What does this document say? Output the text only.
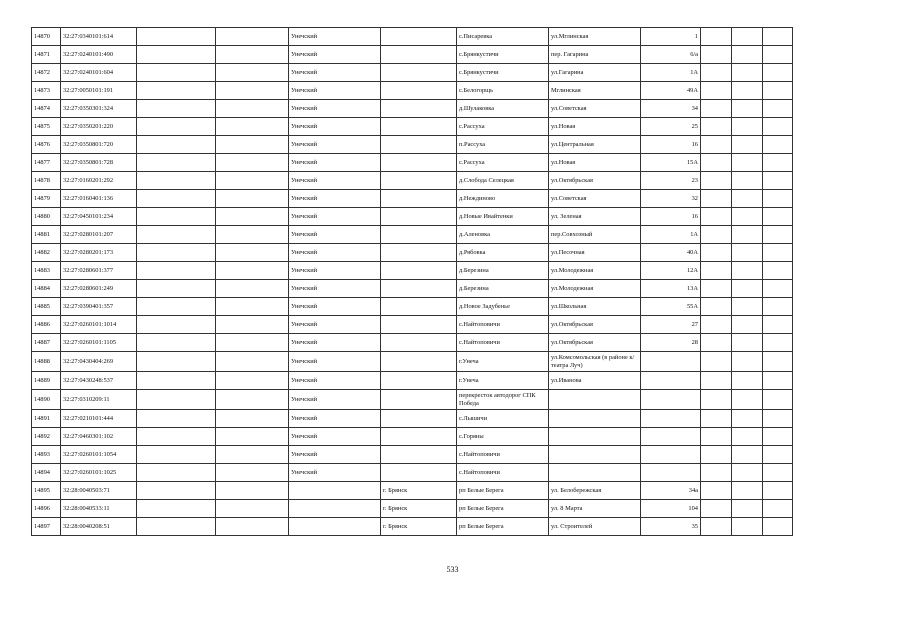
14870	32:27:0340101:614			Унечский		с.Писаревка	ул.Мглинская	1			
14871	32:27:0240101:490			Унечский		с.Брянкустичи	пер. Гагарина	6/а			
14872	32:27:0240101:604			Унечский		с.Брянкустичи	ул.Гагарина	1А			
14873	32:27:0050101:191			Унечский		с.Белогорщь	Мглинская	49А			
14874	32:27:0350301:324			Унечский		д.Шулаковка	ул.Советская	34			
14875	32:27:0350201:220			Унечский		с.Рассуха	ул.Новая	25			
14876	32:27:0350801:720			Унечский		п.Рассуха	ул.Центральная	16			
14877	32:27:0350801:728			Унечский		с.Рассуха	ул.Новая	15А			
14878	32:27:0160201:292			Унечский		д.Слобода Селецкая	ул.Октябрьская	23			
14879	32:27:0160401:136			Унечский		д.Неждиново	ул.Советская	32			
14880	32:27:0450101:234			Унечский		д.Новые Ивайтенки	ул. Зеленая	16			
14881	32:27:0280101:207			Унечский		д.Аленовка	пер.Совхозный	1А			
14882	32:27:0280201:173			Унечский		д.Рябовка	ул.Песочная	40А			
14883	32:27:0280601:377			Унечский		д.Березина	ул.Молодежная	12А			
14884	32:27:0280601:249			Унечский		д.Березина	ул.Молодежная	13А			
14885	32:27:0390401:357			Унечский		д.Новое Задубенье	ул.Школьная	55А			
14886	32:27:0260101:1014			Унечский		с.Найтоповичи	ул.Октябрьская	27			
14887	32:27:0260101:1105			Унечский		с.Найтоповичи	ул.Октябрьская	28			
14888	32:27:0430404:269			Унечский		г.Унеча	ул.Комсомольская (в районе к/театра Луч)				
14889	32:27:0430248:537			Унечский		г.Унеча	ул.Иванова				
14890	32:27:0310209:11			Унечский		перекресток автодорог СПК Победа					
14891	32:27:0210101:444			Унечский		с.Лышичи					
14892	32:27:0460301:102			Унечский		с.Горяны					
14893	32:27:0260101:1054			Унечский		с.Найтоповичи					
14894	32:27:0260101:1025			Унечский		с.Найтоповичи					
14895	32:28:0040503:71				г. Брянск	рп Белые Берега	ул. Белобережская	34а			
14896	32:28:0040533:11				г. Брянск	рп Белые Берега	ул. 8 Марта	104			
14897	32:28:0040208:51				г. Брянск	рп Белые Берега	ул. Строителей	35			
533
